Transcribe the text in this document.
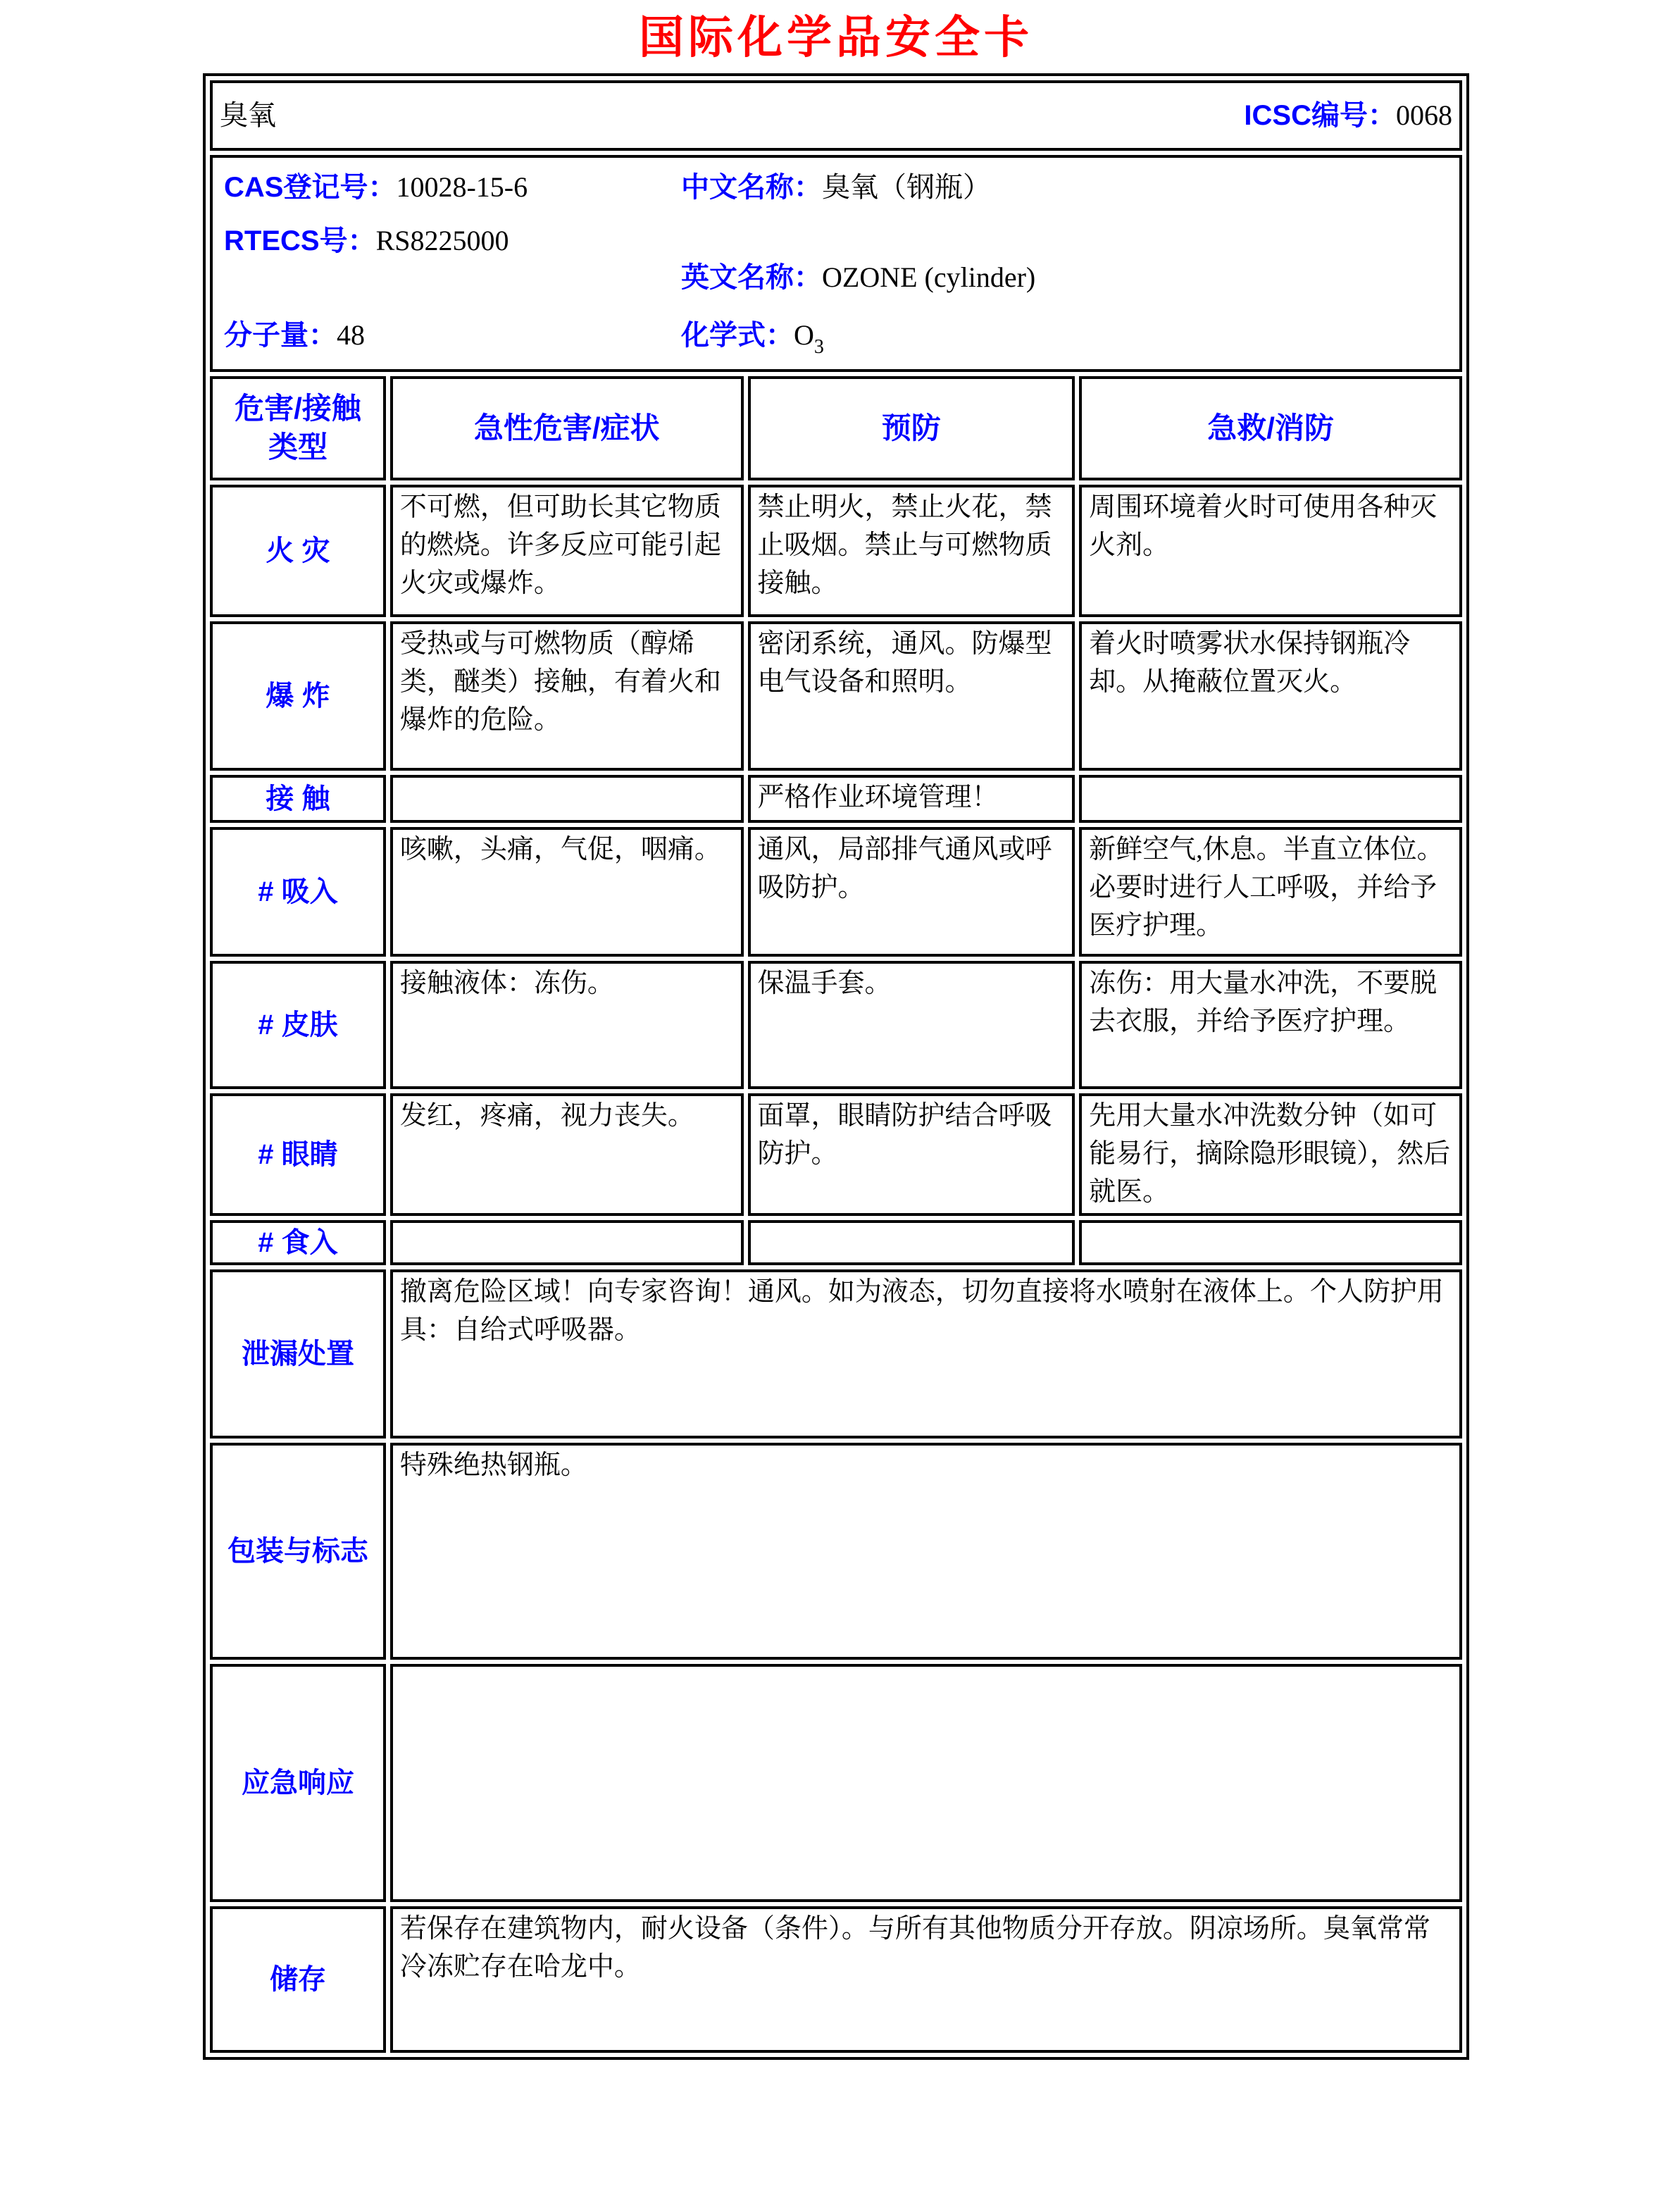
国际化学品安全卡
臭氧 ICSC编号：0068			

CAS登记号：10028-15-6
RTECS号：RS8225000
中文名称：臭氧（钢瓶）
英文名称：OZONE (cylinder)
分子量：48	化学式：$O_3$

危害/接触 类型	急性危害/症状	预防	急救/消防
火 灾	不可燃，但可助长其它物质的燃烧。许多反应可能引起火灾或爆炸。	禁止明火，禁止火花，禁止吸烟。禁止与可燃物质接触。	周围环境着火时可使用各种灭火剂。
爆 炸	受热或与可燃物质（醇烯类，醚类）接触，有着火和爆炸的危险。	密闭系统，通风。防爆型电气设备和照明。	着火时喷雾状水保持钢瓶冷却。从掩蔽位置灭火。
接 触		严格作业环境管理！	
# 吸入	咳嗽，头痛，气促，咽痛。	通风，局部排气通风或呼吸防护。	新鲜空气,休息。半直立体位。必要时进行人工呼吸，并给予医疗护理。
# 皮肤	接触液体：冻伤。	保温手套。	冻伤：用大量水冲洗，不要脱去衣服，并给予医疗护理。
# 眼睛	发红，疼痛，视力丧失。	面罩，眼睛防护结合呼吸防护。	先用大量水冲洗数分钟（如可能易行，摘除隐形眼镜），然后就医。
# 食入			
泄漏处置	撤离危险区域！向专家咨询！通风。如为液态，切勿直接将水喷射在液体上。个人防护用具：自给式呼吸器。		
包装与标志	特殊绝热钢瓶。		
应急响应			
储存	若保存在建筑物内，耐火设备（条件）。与所有其他物质分开存放。阴凉场所。臭氧常常冷冻贮存在哈龙中。		
